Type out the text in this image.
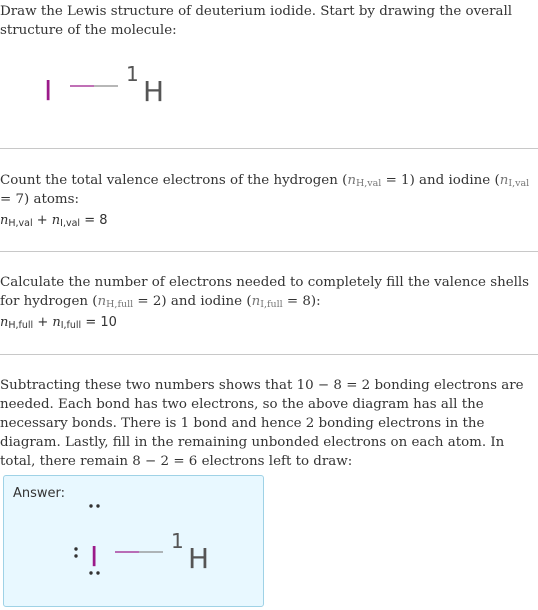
Draw the Lewis structure of deuterium iodide. Start by drawing the overall structure of the molecule:

I	1
H

Count the total valence electrons of the hydrogen $(n_{H,val} = 1)$ and iodine $(n_{I,val} = 7)$ atoms:

$n_{H,val} + n_{I,val} = 8$

Calculate the number of electrons needed to completely fill the valence shells for hydrogen $(n_{H,full} = 2)$ and iodine $(n_{I,full} = 8)$:

$n_{H,full} + n_{I,full} = 10$

Subtracting these two numbers shows that 10 − 8 = 2 bonding electrons are needed. Each bond has two electrons, so the above diagram has all the necessary bonds. There is 1 bond and hence 2 bonding electrons in the diagram. Lastly, fill in the remaining unbonded electrons on each atom. In total, there remain 8 − 2 = 6 electrons left to draw:

Answer:
I	1
H
